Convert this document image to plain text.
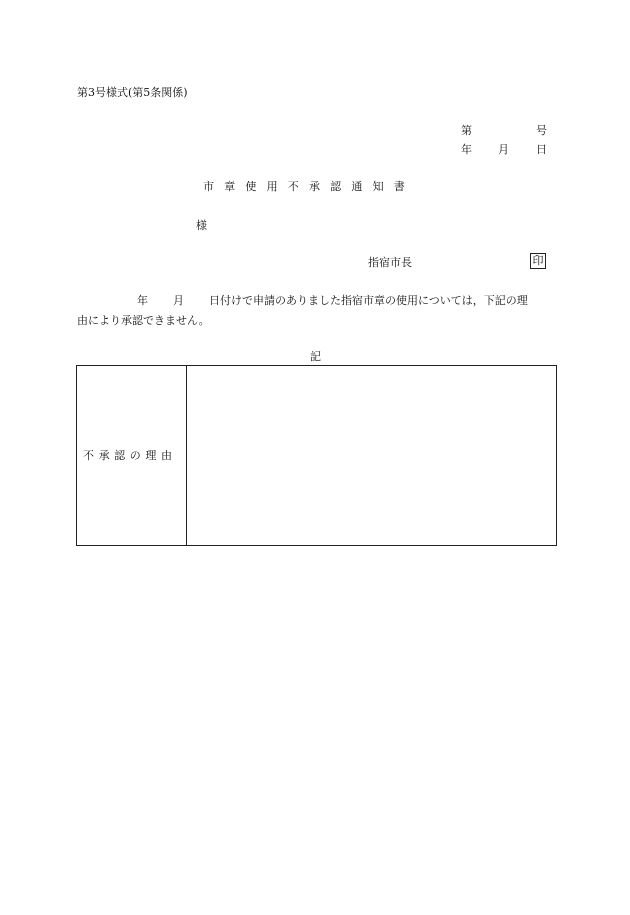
第3号様式(第5条関係)
第	号
年 月 日
市章使用不承認通知書
様
指宿市長	印
年 月 日付けで申請のありました指宿市章の使用については，下記の理
由により承認できません。
記
不承認の理由
